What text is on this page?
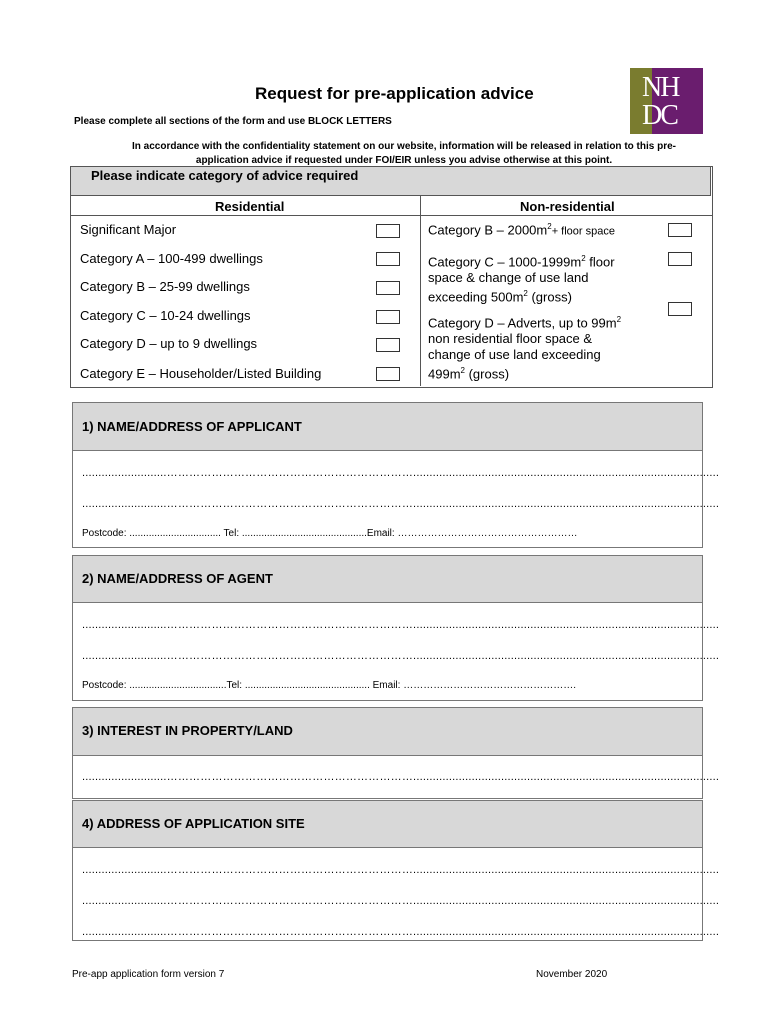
NH
DC
Request for pre-application advice
Please complete all sections of the form and use BLOCK LETTERS
In accordance with the confidentiality statement on our website, information will be released in relation to this pre-
application advice if requested under FOI/EIR unless you advise otherwise at this point.
Please indicate category of advice required
Residential	Non-residential
Significant Major
Category A – 100-499 dwellings
Category B – 25-99 dwellings
Category C – 10-24 dwellings
Category D – up to 9 dwellings
Category E – Householder/Listed Building
Category $B - 2000m^2+$ floor space
Category C – $1000-1999m^2$ floor
space & change of use land
exceeding $500m^2$ (gross)
Category D – Adverts, up to $99m^2$
non residential floor space &
change of use land exceeding
$499m^2$ (gross)
1) NAME/ADDRESS OF APPLICANT
..........................…………………………………………………………..............................................................................................
..........................…………………………………………………………..............................................................................................
Postcode: ................................. Tel: .............................................Email: ………………………………………………
2) NAME/ADDRESS OF AGENT
..........................…………………………………………………………..............................................................................................
..........................…………………………………………………………..............................................................................................
Postcode: ...................................Tel: ............................................. Email: …………………………………………….
3) INTEREST IN PROPERTY/LAND
..........................…………………………………………………………..............................................................................................
4) ADDRESS OF APPLICATION SITE
..........................…………………………………………………………..............................................................................................
..........................…………………………………………………………..............................................................................................
..........................…………………………………………………………..............................................................................................
Pre-app application form version 7	November 2020
